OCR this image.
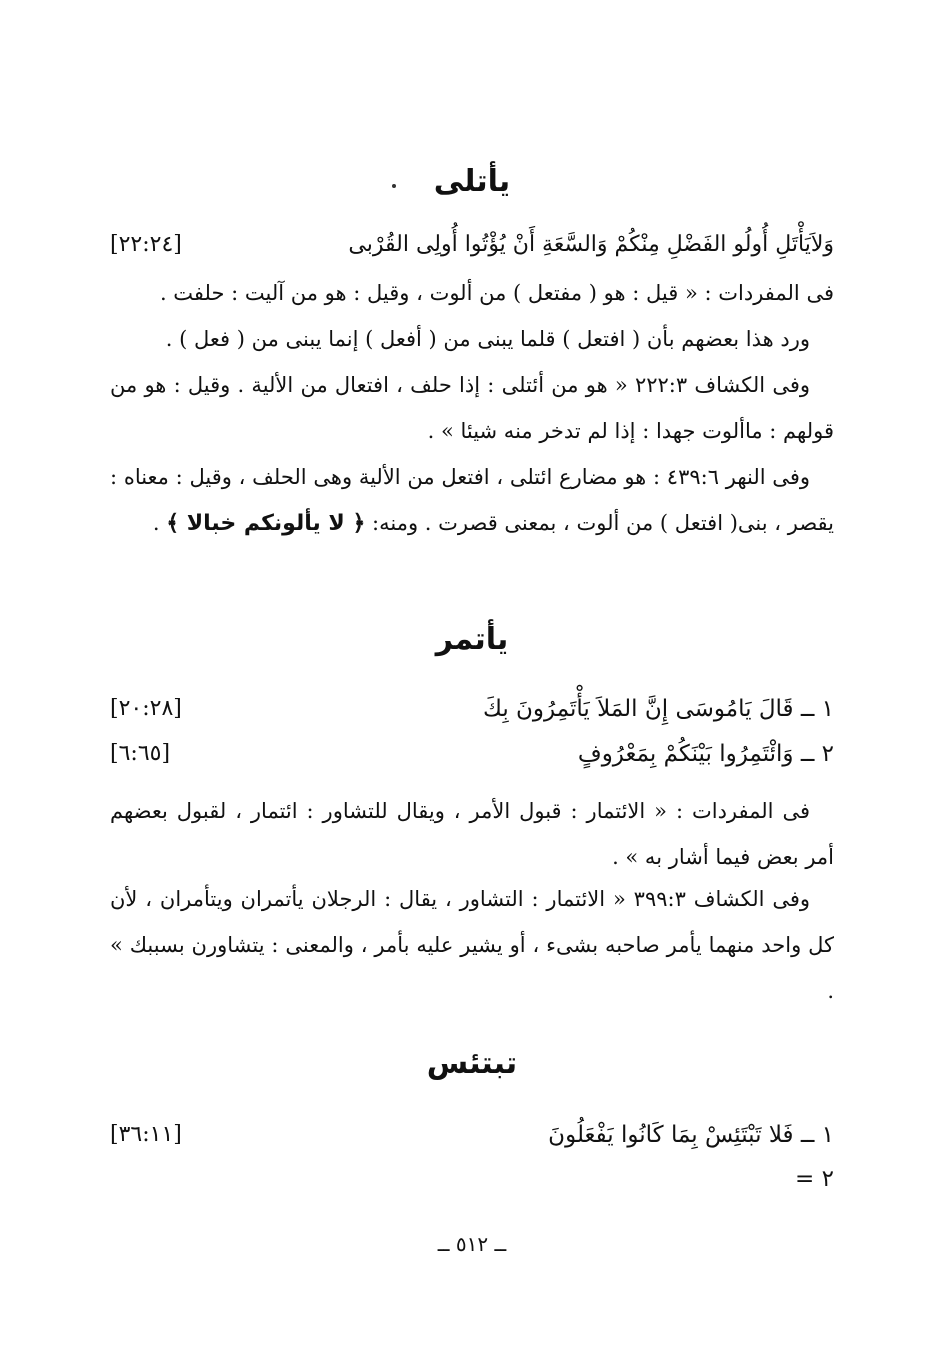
يأتلى
[٢٢:٢٤]	وَلاَيَأْتَلِ أُولُو الفَضْلِ مِنْكُمْ وَالسَّعَةِ أَنْ يُؤْتُوا أُولِى القُرْبى
فى المفردات : « قيل : هو ( مفتعل ) من ألوت ، وقيل : هو من آليت : حلفت .
ورد هذا بعضهم بأن ( افتعل ) قلما يبنى من ( أفعل ) إنما يبنى من ( فعل ) .
وفى الكشاف ٢٢٢:٣ « هو من أئتلى : إذا حلف ، افتعال من الألية . وقيل : هو من قولهم : ماألوت جهدا : إذا لم تدخر منه شيئا » .
وفى النهر ٤٣٩:٦ : هو مضارع ائتلى ، افتعل من الألية وهى الحلف ، وقيل : معناه : يقصر ، بنى( افتعل ) من ألوت ، بمعنى قصرت . ومنه: ﴿ لا يألونكم خبالا ﴾ .
يأتمر
[٢٠:٢٨]	١ ــ قَالَ يَامُوسَى إِنَّ المَلاَ يَأْتَمِرُونَ بِكَ
[٦:٦٥]	٢ ــ وَائْتَمِرُوا بَيْنَكُمْ بِمَعْرُوفٍ
فى المفردات : « الائتمار : قبول الأمر ، ويقال للتشاور : ائتمار ، لقبول بعضهم أمر بعض فيما أشار به » .
وفى الكشاف ٣٩٩:٣ « الائتمار : التشاور ، يقال : الرجلان يأتمران ويتأمران ، لأن كل واحد منهما يأمر صاحبه بشىء ، أو يشير عليه بأمر ، والمعنى : يتشاورن بسببك » .
تبتئس
[٣٦:١١]	١ ــ فَلا تَبْتَئِسْ بِمَا كَانُوا يَفْعَلُونَ
٢ =
ــ ٥١٢ ــ
